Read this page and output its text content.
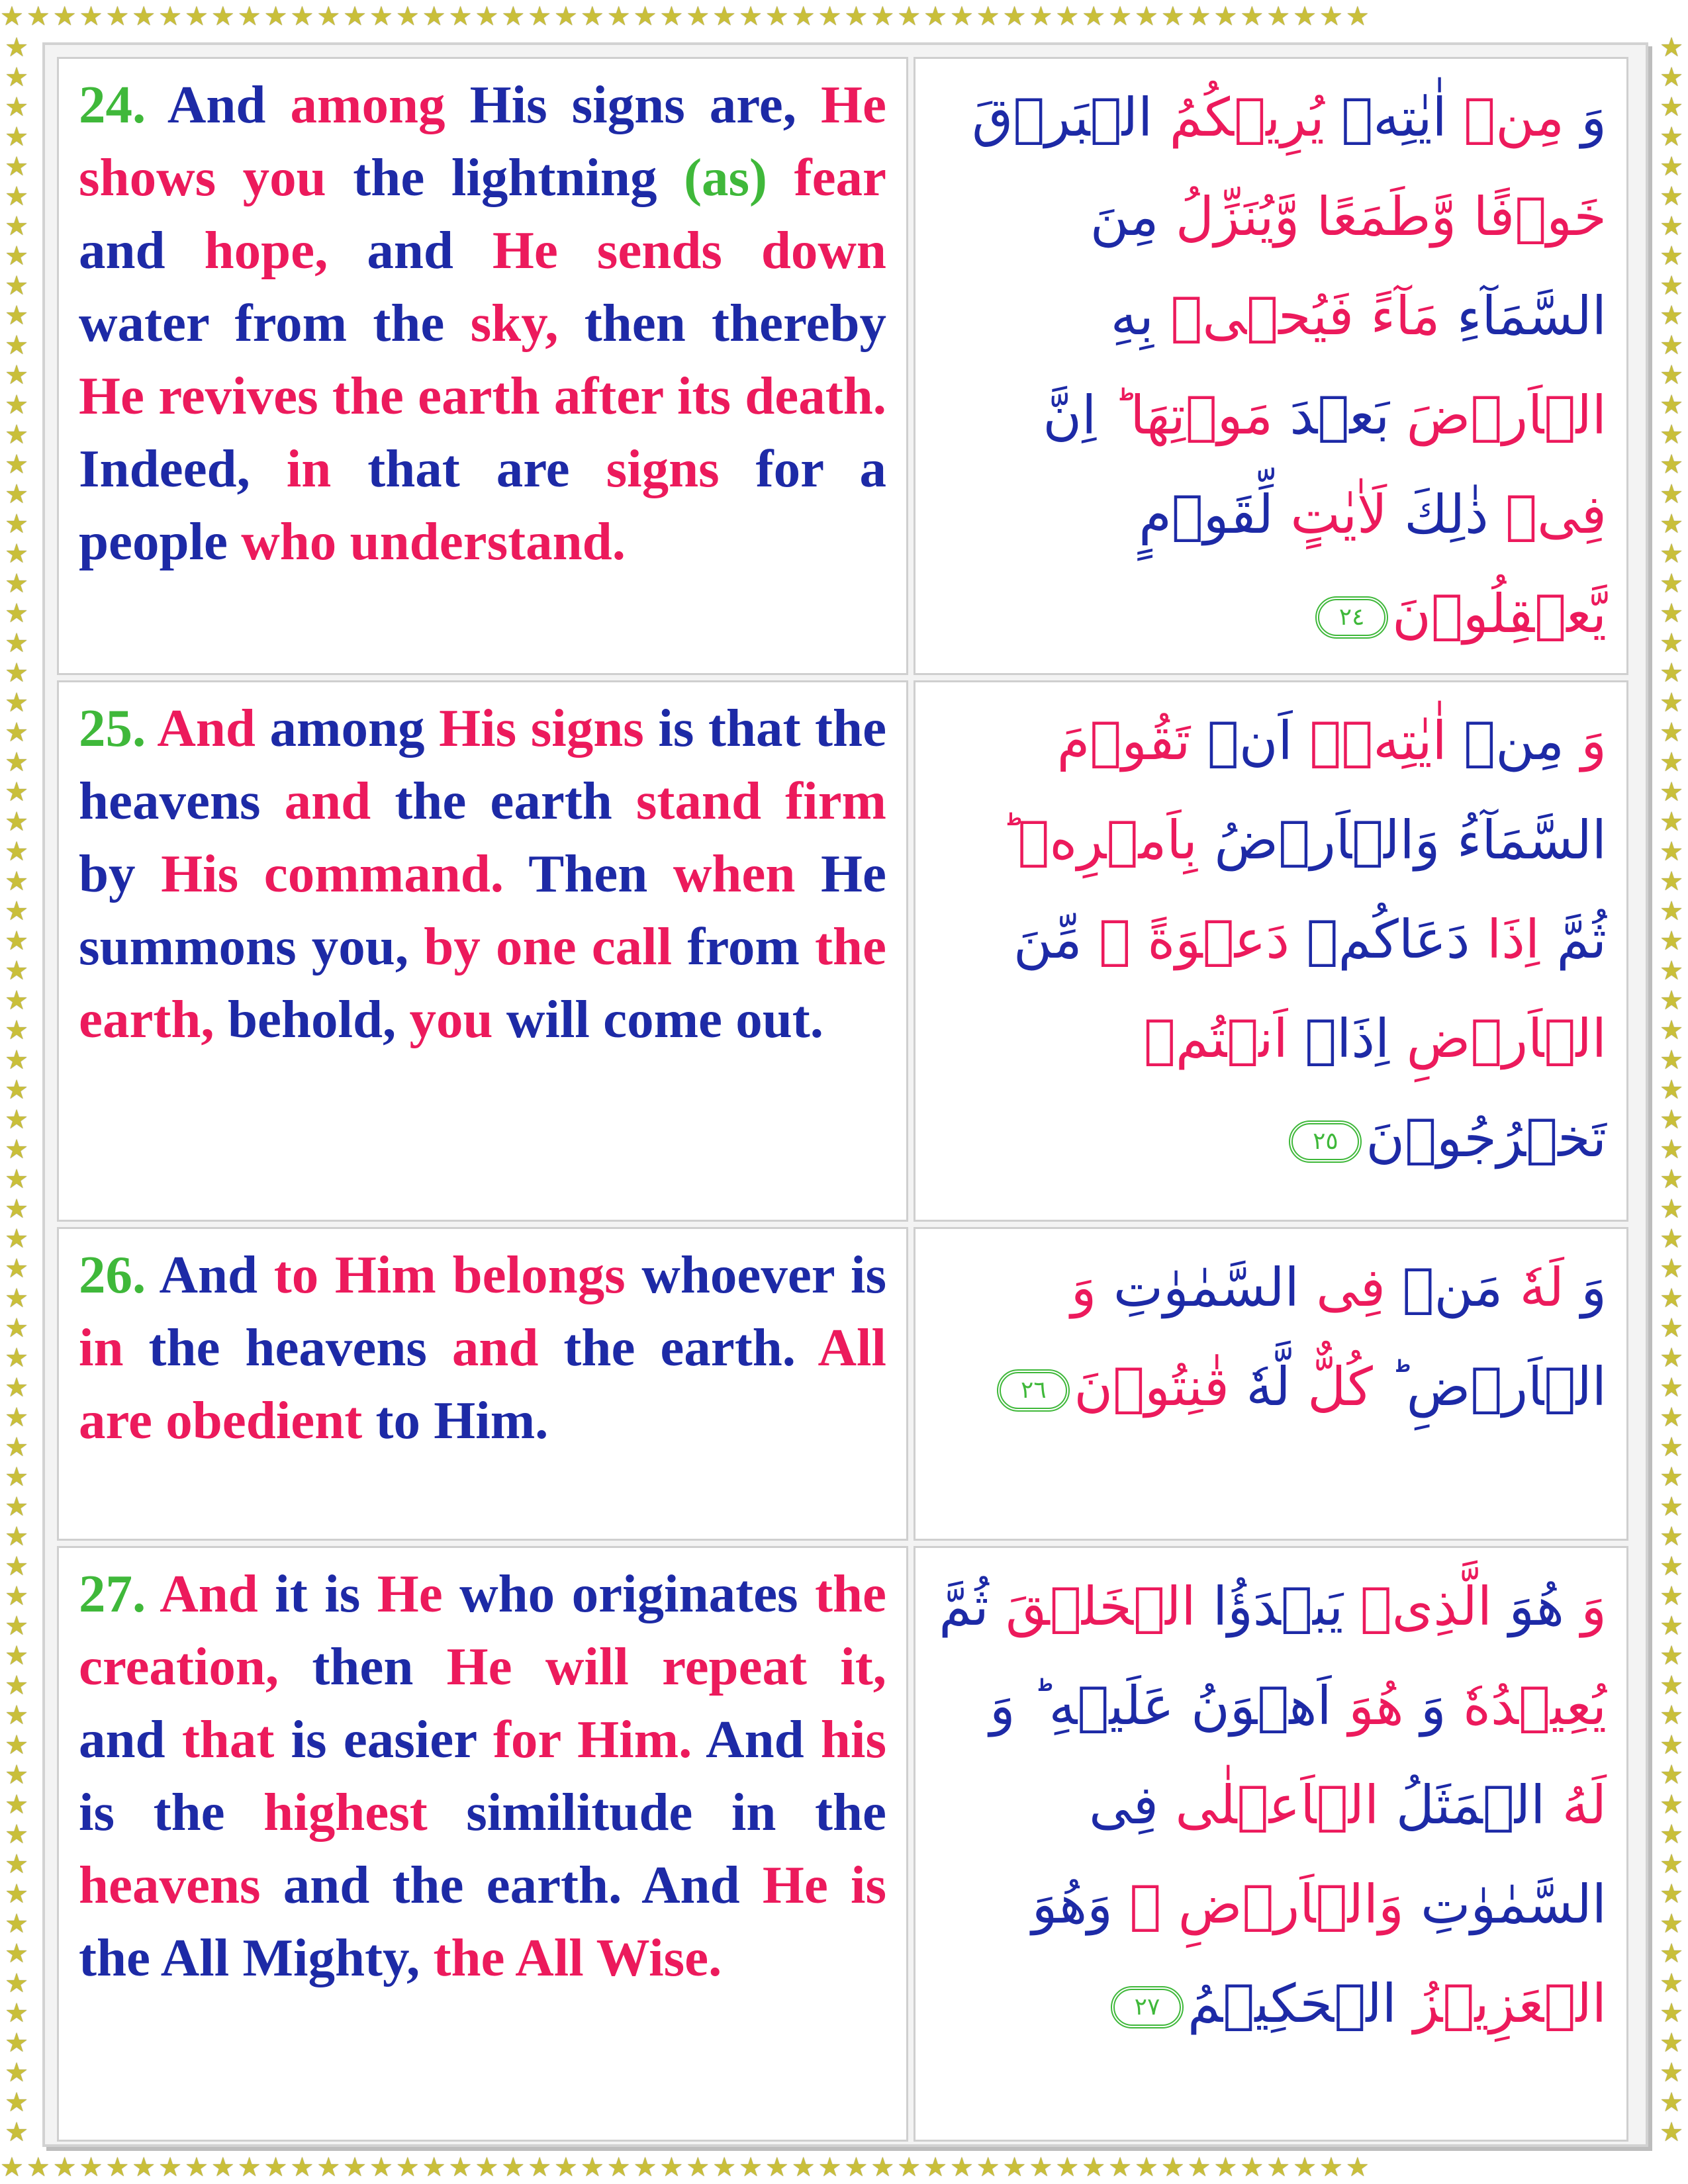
★★★★★★★★★★★★★★★★★★★★★★★★★★★★★★★★★★★★★★★★★★★★★★★★★★★★
★★★★★★★★★★★★★★★★★★★★★★★★★★★★★★★★★★★★★★★★★★★★★★★★★★★★
★★★★★★★★★★★★★★★★★★★★★★★★★★★★★★★★★★★★★★★★★★★★★★★★★★★★★★★★★★★★★★★★★★★★★★★
★★★★★★★★★★★★★★★★★★★★★★★★★★★★★★★★★★★★★★★★★★★★★★★★★★★★★★★★★★★★★★★★★★★★★★★
24. And among His signs are, He shows you the lightning (as) fear and hope, and He sends down water from the sky, then thereby He revives the earth after its death. Indeed, in that are signs for a people who understand.	وَ مِنۡ اٰيٰتِهٖ يُرِيۡكُمُ الۡبَرۡقَ خَوۡفًا وَّطَمَعًا وَّيُنَزِّلُ مِنَ السَّمَآءِ مَآءً فَيُحۡىٖ بِهِ الۡاَرۡضَ بَعۡدَ مَوۡتِهَا ؕ اِنَّ فِىۡ ذٰلِكَ لَاٰيٰتٍ لِّقَوۡمٍ يَّعۡقِلُوۡنَ٢٤
25. And among His signs is that the heavens and the earth stand firm by His command. Then when He summons you, by one call from the earth, behold, you will come out.	وَ مِنۡ اٰيٰتِهٖۤ اَنۡ تَقُوۡمَ السَّمَآءُ وَالۡاَرۡضُ بِاَمۡرِهٖ ؕ ثُمَّ اِذَا دَعَاكُمۡ دَعۡوَةً ۖ مِّنَ الۡاَرۡضِ اِذَاۤ اَنۡتُمۡ تَخۡرُجُوۡنَ٢٥
26. And to Him belongs whoever is in the heavens and the earth. All are obedient to Him.	وَ لَهٗ مَنۡ فِى السَّمٰوٰتِ وَ الۡاَرۡضِ ؕ كُلٌّ لَّهٗ قٰنِتُوۡنَ٢٦
27. And it is He who originates the creation, then He will repeat it, and that is easier for Him. And his is the highest similitude in the heavens and the earth. And He is the All Mighty, the All Wise.	وَ هُوَ الَّذِىۡ يَبۡدَؤُا الۡخَلۡقَ ثُمَّ يُعِيۡدُهٗ وَ هُوَ اَهۡوَنُ عَلَيۡهِ ؕ وَ لَهُ الۡمَثَلُ الۡاَعۡلٰى فِى السَّمٰوٰتِ وَالۡاَرۡضِ ۚ وَهُوَ الۡعَزِيۡزُ الۡحَكِيۡمُ٢٧
